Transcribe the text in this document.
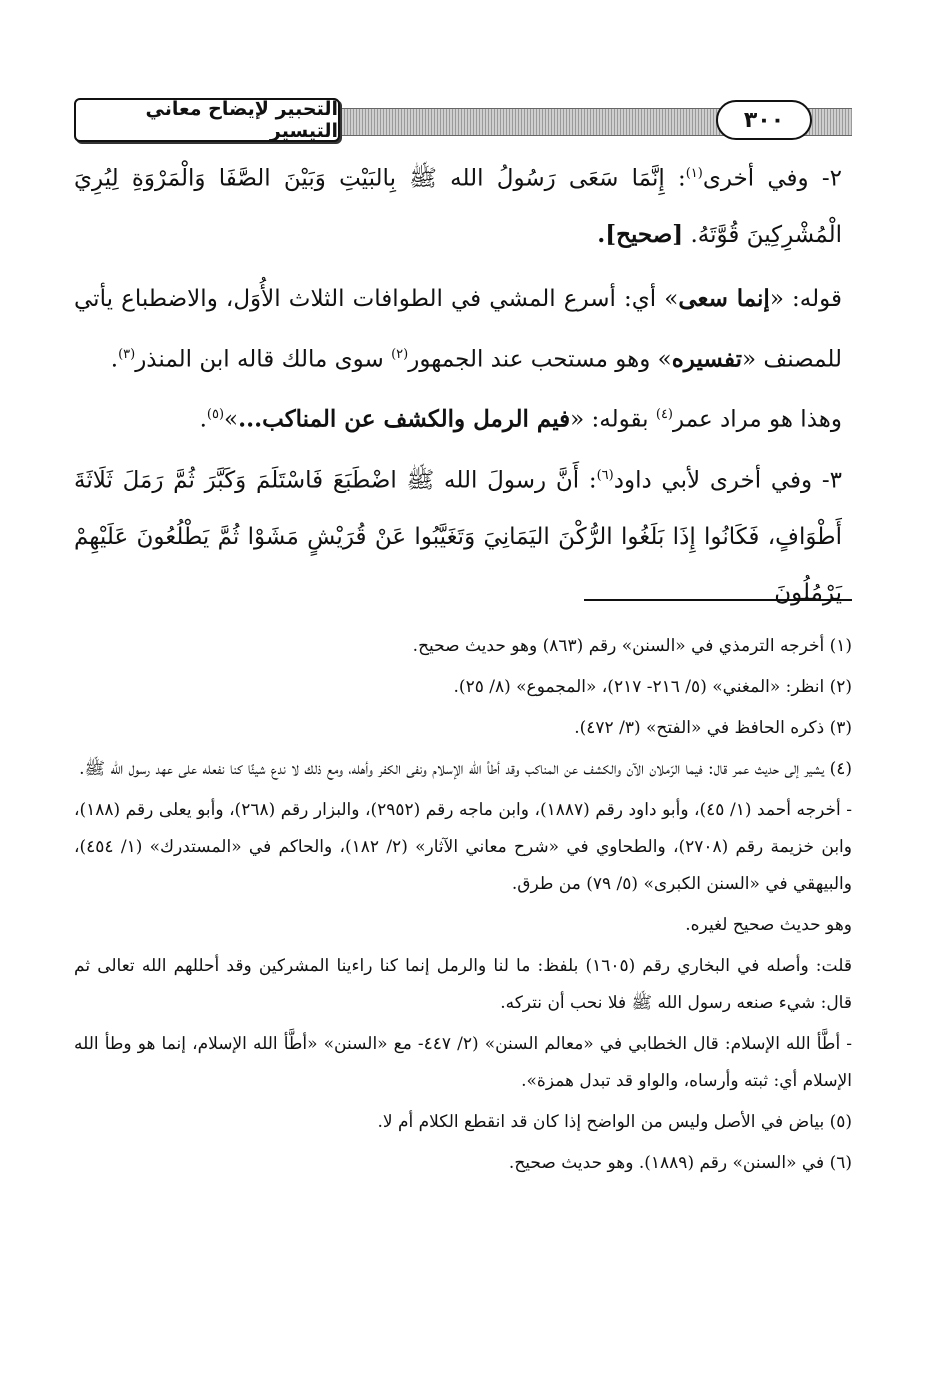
التحبير لإيضاح معاني التيسير	٣٠٠

٢- وفي أخرى$^{(١)}$: إِنَّمَا سَعَى رَسُولُ الله ﷺ بِالبَيْتِ وَبَيْنَ الصَّفَا وَالْمَرْوَةِ لِيُرِيَ الْمُشْرِكِينَ قُوَّتَهُ. [صحيح].

قوله: «إنما سعى» أي: أسرع المشي في الطوافات الثلاث الأُوَل، والاضطباع يأتي للمصنف «تفسيره» وهو مستحب عند الجمهور$^{(٢)}$ سوى مالك قاله ابن المنذر$^{(٣)}$.

وهذا هو مراد عمر$^{(٤)}$ بقوله: «فيم الرمل والكشف عن المناكب...»$^{(٥)}$.

٣- وفي أخرى لأبي داود$^{(٦)}$: أَنَّ رسولَ الله ﷺ اضْطَبَعَ فَاسْتَلَمَ وَكَبَّرَ ثُمَّ رَمَلَ ثَلَاثَةَ أَطْوَافٍ، فَكَانُوا إِذَا بَلَغُوا الرُّكْنَ اليَمَانِيَ وَتَغَيَّبُوا عَنْ قُرَيْشٍ مَشَوْا ثُمَّ يَطْلُعُونَ عَلَيْهِمْ يَرْمُلُونَ

(١) أخرجه الترمذي في «السنن» رقم (٨٦٣) وهو حديث صحيح.

(٢) انظر: «المغني» (٥/ ٢١٦- ٢١٧)، «المجموع» (٨/ ٢٥).

(٣) ذكره الحافظ في «الفتح» (٣/ ٤٧٢).

(٤) يشير إلى حديث عمر قال: فيما الرّملان الآن والكشف عن المناكب وقد أطأ الله الإسلام ونفى الكفر وأهله، ومع ذلك لا ندع شيئًا كنا نفعله على عهد رسول الله ﷺ.

- أخرجه أحمد (١/ ٤٥)، وأبو داود رقم (١٨٨٧)، وابن ماجه رقم (٢٩٥٢)، والبزار رقم (٢٦٨)، وأبو يعلى رقم (١٨٨)، وابن خزيمة رقم (٢٧٠٨)، والطحاوي في «شرح معاني الآثار» (٢/ ١٨٢)، والحاكم في «المستدرك» (١/ ٤٥٤)، والبيهقي في «السنن الكبرى» (٥/ ٧٩) من طرق.

وهو حديث صحيح لغيره.

قلت: وأصله في البخاري رقم (١٦٠٥) بلفظ: ما لنا والرمل إنما كنا راءينا المشركين وقد أحللهم الله تعالى ثم قال: شيء صنعه رسول الله ﷺ فلا نحب أن نتركه.

- أطَّأ الله الإسلام: قال الخطابي في «معالم السنن» (٢/ ٤٤٧- مع «السنن» «أطَّأ الله الإسلام، إنما هو وطأ الله الإسلام أي: ثبته وأرساه، والواو قد تبدل همزة».

(٥) بياض في الأصل وليس من الواضح إذا كان قد انقطع الكلام أم لا.

(٦) في «السنن» رقم (١٨٨٩). وهو حديث صحيح.
